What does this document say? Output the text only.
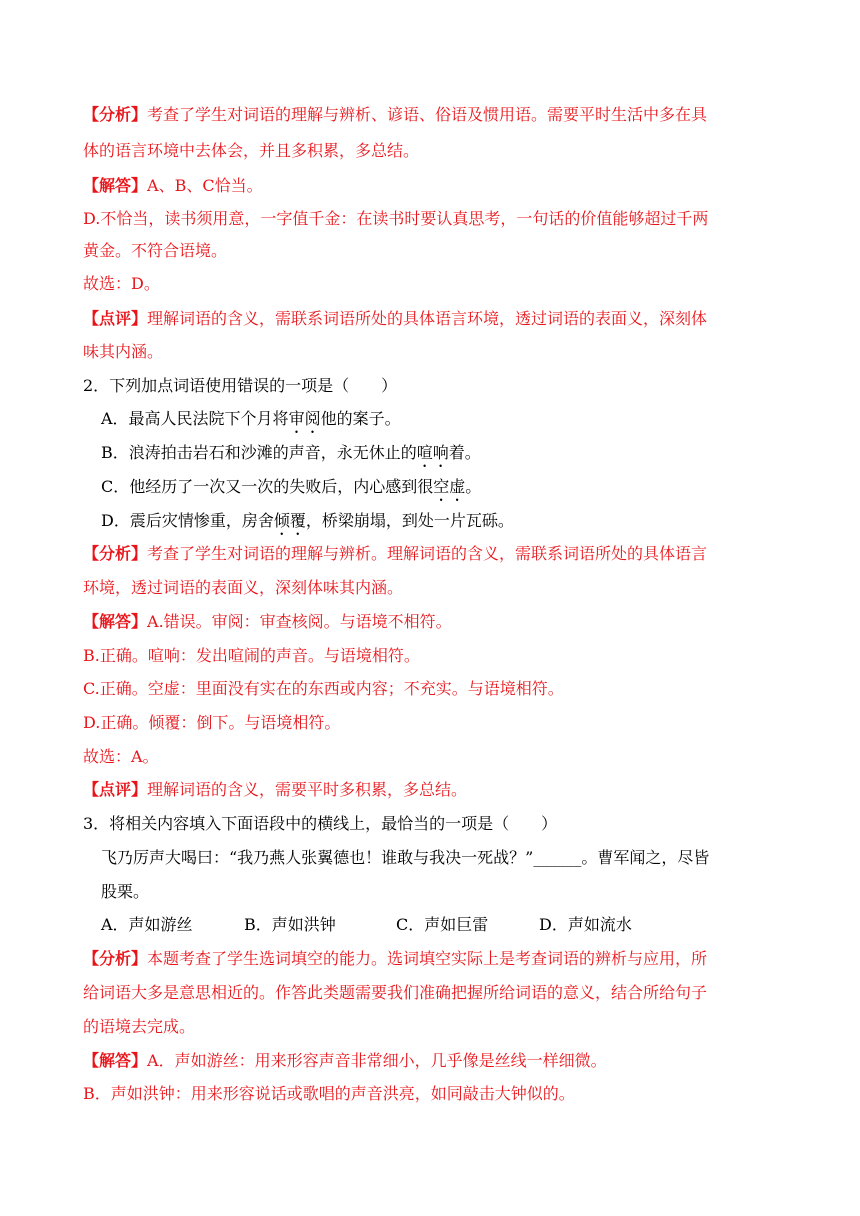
【分析】考查了学生对词语的理解与辨析、谚语、俗语及惯用语。需要平时生活中多在具
体的语言环境中去体会，并且多积累，多总结。
【解答】A、B、C恰当。
D.不恰当，读书须用意，一字值千金：在读书时要认真思考，一句话的价值能够超过千两
黄金。不符合语境。
故选：D。
【点评】理解词语的含义，需联系词语所处的具体语言环境，透过词语的表面义，深刻体
味其内涵。
2．下列加点词语使用错误的一项是（　　）
A．最高人民法院下个月将审阅他的案子。
B．浪涛拍击岩石和沙滩的声音，永无休止的喧响着。
C．他经历了一次又一次的失败后，内心感到很空虚。
D．震后灾情惨重，房舍倾覆，桥梁崩塌，到处一片瓦砾。
【分析】考查了学生对词语的理解与辨析。理解词语的含义，需联系词语所处的具体语言
环境，透过词语的表面义，深刻体味其内涵。
【解答】A.错误。审阅：审查核阅。与语境不相符。
B.正确。喧响：发出喧闹的声音。与语境相符。
C.正确。空虚：里面没有实在的东西或内容；不充实。与语境相符。
D.正确。倾覆：倒下。与语境相符。
故选：A。
【点评】理解词语的含义，需要平时多积累，多总结。
3．将相关内容填入下面语段中的横线上，最恰当的一项是（　　）
飞乃厉声大喝曰：“我乃燕人张翼德也！谁敢与我决一死战？”______。曹军闻之，尽皆
股栗。
A．声如游丝	B．声如洪钟	C．声如巨雷	D．声如流水
【分析】本题考查了学生选词填空的能力。选词填空实际上是考查词语的辨析与应用，所
给词语大多是意思相近的。作答此类题需要我们准确把握所给词语的意义，结合所给句子
的语境去完成。
【解答】A．声如游丝：用来形容声音非常细小，几乎像是丝线一样细微。
B．声如洪钟：用来形容说话或歌唱的声音洪亮，如同敲击大钟似的。
